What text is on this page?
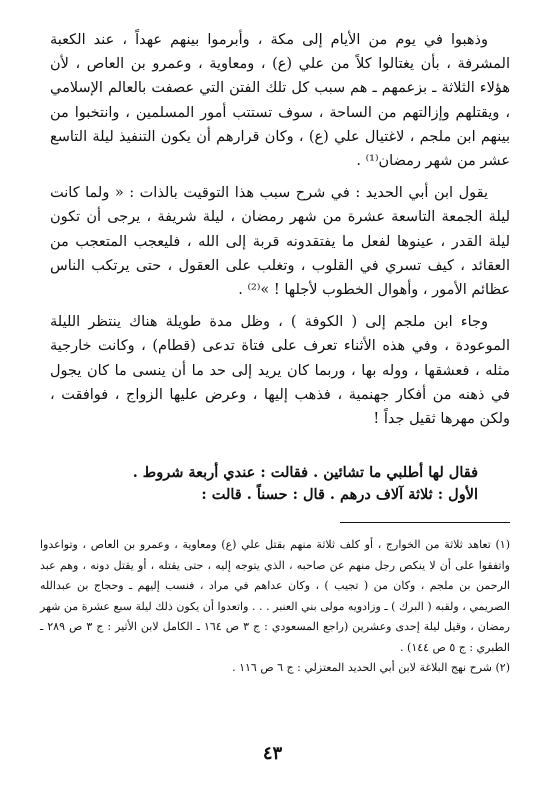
وذهبوا في يوم من الأيام إلى مكة ، وأبرموا بينهم عهداً ، عند الكعبة المشرفة ، بأن يغتالوا كلاً من علي (ع) ، ومعاوية ، وعمرو بن العاص ، لأن هؤلاء الثلاثة ـ بزعمهم ـ هم سبب كل تلك الفتن التي عصفت بالعالم الإسلامي ، ويقتلهم وإزالتهم من الساحة ، سوف تستتب أمور المسلمين ، وانتخبوا من بينهم ابن ملجم ، لاغتيال علي (ع) ، وكان قرارهم أن يكون التنفيذ ليلة التاسع عشر من شهر رمضان⁽¹⁾ .

يقول ابن أبي الحديد : في شرح سبب هذا التوقيت بالذات : « ولما كانت ليلة الجمعة التاسعة عشرة من شهر رمضان ، ليلة شريفة ، يرجى أن تكون ليلة القدر ، عينوها لفعل ما يفتقدونه قربة إلى الله ، فليعجب المتعجب من العقائد ، كيف تسري في القلوب ، وتغلب على العقول ، حتى يرتكب الناس عظائم الأمور ، وأهوال الخطوب لأجلها ! »⁽²⁾ .

وجاء ابن ملجم إلى ( الكوفة ) ، وظل مدة طويلة هناك ينتظر الليلة الموعودة ، وفي هذه الأثناء تعرف على فتاة تدعى (قطام) ، وكانت خارجية مثله ، فعشقها ، ووله بها ، وربما كان يريد إلى حد ما أن ينسى ما كان يجول في ذهنه من أفكار جهنمية ، فذهب إليها ، وعرض عليها الزواج ، فوافقت ، ولكن مهرها ثقيل جداً !

فقال لها أطلبي ما تشائين . فقالت : عندي أربعة شروط .
الأول : ثلاثة آلاف درهم . قال : حسناً . قالت :

(١) تعاهد ثلاثة من الخوارج ، أو كلف ثلاثة منهم بقتل علي (ع) ومعاوية ، وعمرو بن العاص ، وتواعدوا واتفقوا على أن لا ينكص رجل منهم عن صاحبه ، الذي يتوجه إليه ، حتى يقتله ، أو يقتل دونه ، وهم عبد الرحمن بن ملجم ، وكان من ( تجيب ) ، وكان عداهم في مراد ، فنسب إليهم ـ وحجاج بن عبدالله الصريمي ، ولقبه ( البرك ) ـ وزادويه مولى بني العنبر . . . واتعدوا أن يكون ذلك ليلة سبع عشرة من شهر رمضان ، وقيل ليلة إحدى وعشرين (راجع المسعودي : ج ٣ ص ١٦٤ ـ الكامل لابن الأثير : ج ٣ ص ٢٨٩ ـ الطبري : ج ٥ ص ١٤٤) .

(٢) شرح نهج البلاغة لابن أبي الحديد المعتزلي : ج ٦ ص ١١٦ .

٤٣
